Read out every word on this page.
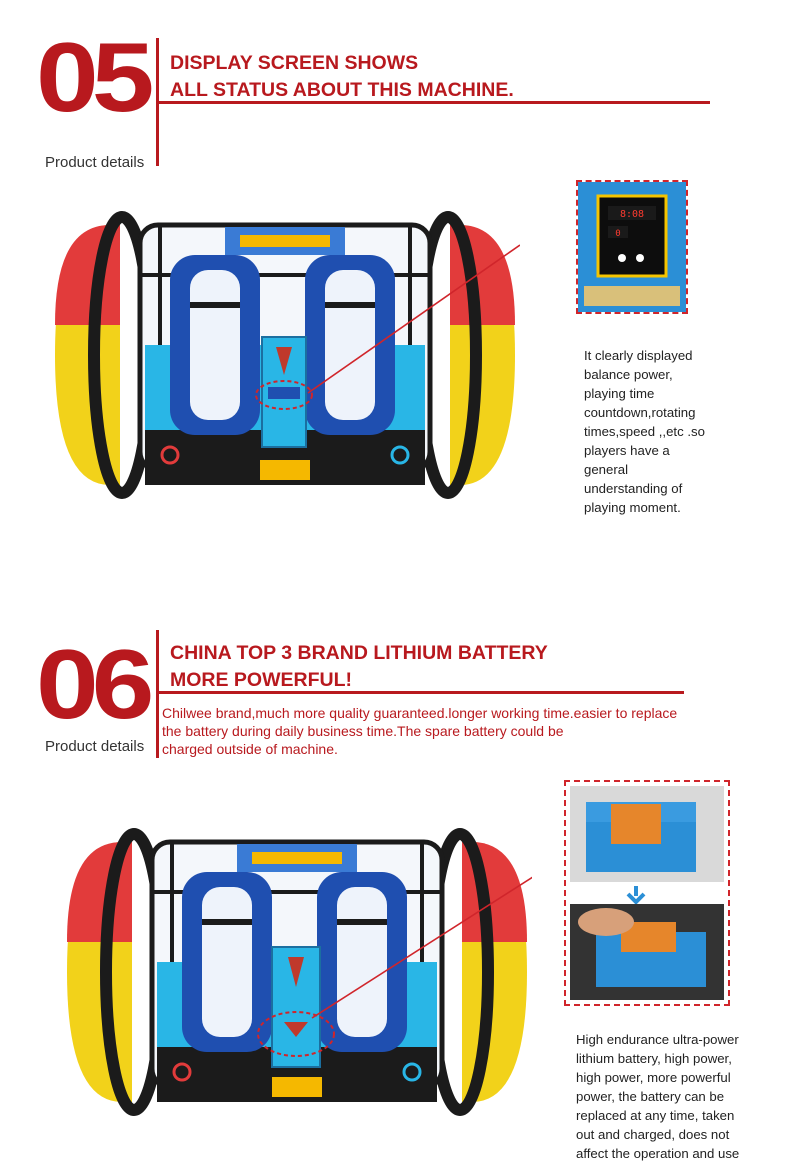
05
Product details
DISPLAY SCREEN SHOWS
ALL STATUS ABOUT THIS MACHINE.
8:08
0
It clearly displayed
balance power,
playing time
countdown,rotating
times,speed ,,etc .so
players have a
general
understanding of
playing moment.
06
Product details
CHINA TOP 3 BRAND LITHIUM BATTERY
MORE POWERFUL!
Chilwee brand,much more quality guaranteed.longer working time.easier to replace
the battery during daily business time.The spare battery could be
charged outside of machine.
High endurance ultra-power
lithium battery, high power,
high power, more powerful
power, the battery can be
replaced at any time, taken
out and charged, does not
affect the operation and use
